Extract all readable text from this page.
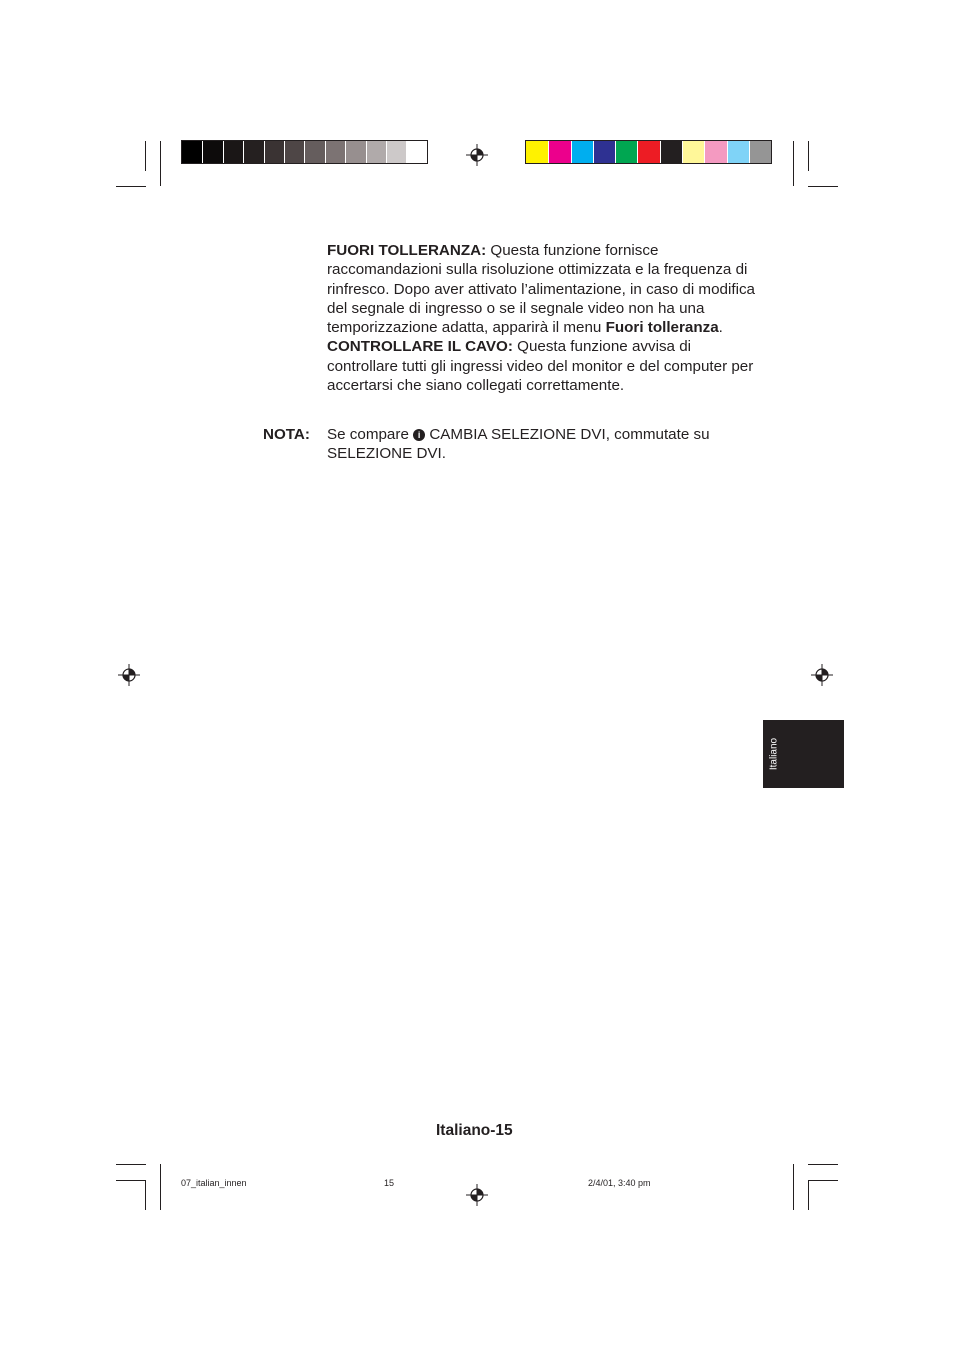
FUORI TOLLERANZA: Questa funzione fornisce raccomandazioni sulla risoluzione ottimizzata e la frequenza di rinfresco. Dopo aver attivato l’alimentazione, in caso di modifica del segnale di ingresso o se il segnale video non ha una temporizzazione adatta, apparirà il menu Fuori tolleranza.

CONTROLLARE IL CAVO: Questa funzione avvisa di controllare tutti gli ingressi video del monitor e del computer per accertarsi che siano collegati correttamente.

NOTA: Se compare i CAMBIA SELEZIONE DVI, commutate su SELEZIONE DVI.
Italiano
Italiano-15
07_italian_innen	15	2/4/01, 3:40 pm
